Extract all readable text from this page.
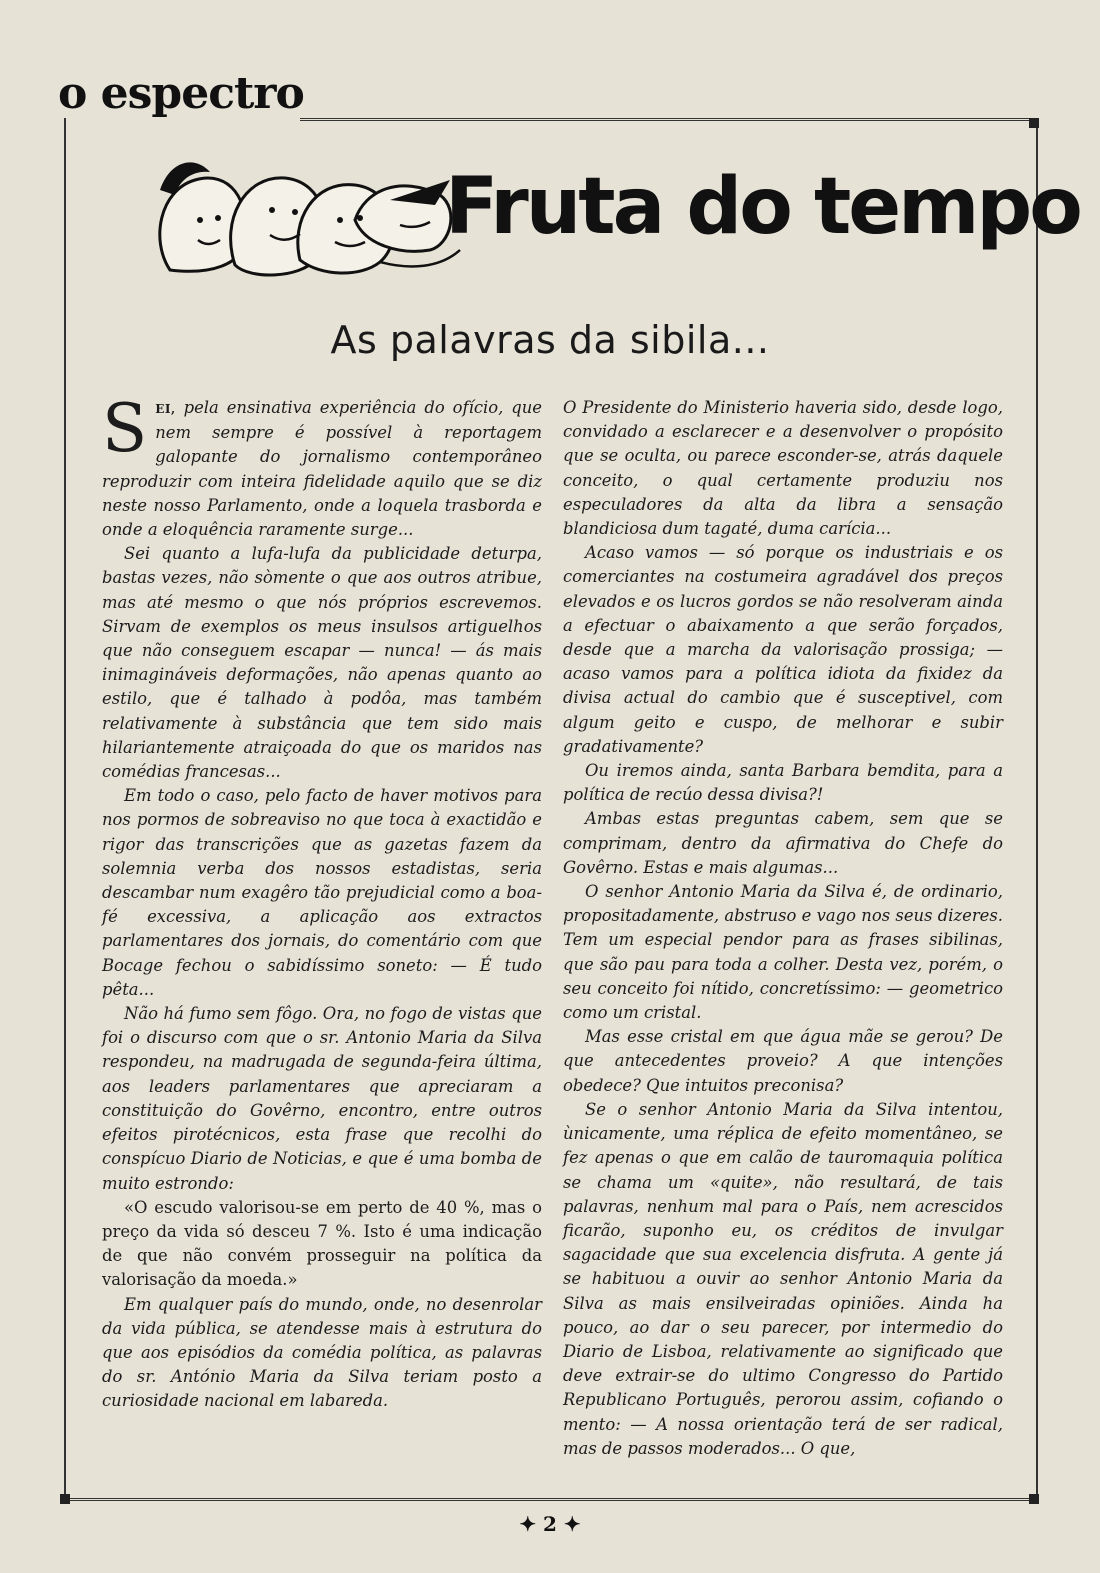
o espectro
Fruta do tempo
As palavras da sibila...

SEI, pela ensinativa experiência do ofício, que nem sempre é possível à reportagem galopante do jornalismo contemporâneo reproduzir com inteira fidelidade aquilo que se diz neste nosso Parlamento, onde a loquela trasborda e onde a eloquência raramente surge...

Sei quanto a lufa-lufa da publicidade deturpa, bastas vezes, não sòmente o que aos outros atribue, mas até mesmo o que nós próprios escrevemos. Sirvam de exemplos os meus insulsos artiguelhos que não conseguem escapar — nunca! — ás mais inimagináveis deformações, não apenas quanto ao estilo, que é talhado à podôa, mas também relativamente à substância que tem sido mais hilariantemente atraiçoada do que os maridos nas comédias francesas...

Em todo o caso, pelo facto de haver motivos para nos pormos de sobreaviso no que toca à exactidão e rigor das transcrições que as gazetas fazem da solemnia verba dos nossos estadistas, seria descambar num exagêro tão prejudicial como a boa-fé excessiva, a aplicação aos extractos parlamentares dos jornais, do comentário com que Bocage fechou o sabidíssimo soneto: — É tudo pêta...

Não há fumo sem fôgo. Ora, no fogo de vistas que foi o discurso com que o sr. Antonio Maria da Silva respondeu, na madrugada de segunda-feira última, aos leaders parlamentares que apreciaram a constituição do Govêrno, encontro, entre outros efeitos pirotécnicos, esta frase que recolhi do conspícuo Diario de Noticias, e que é uma bomba de muito estrondo:

«O escudo valorisou-se em perto de 40 %, mas o preço da vida só desceu 7 %. Isto é uma indicação de que não convém prosseguir na política da valorisação da moeda.»

Em qualquer país do mundo, onde, no desenrolar da vida pública, se atendesse mais à estrutura do que aos episódios da comédia política, as palavras do sr. António Maria da Silva teriam posto a curiosidade nacional em labareda.

O Presidente do Ministerio haveria sido, desde logo, convidado a esclarecer e a desenvolver o propósito que se oculta, ou parece esconder-se, atrás daquele conceito, o qual certamente produziu nos especuladores da alta da libra a sensação blandiciosa dum tagaté, duma carícia...

Acaso vamos — só porque os industriais e os comerciantes na costumeira agradável dos preços elevados e os lucros gordos se não resolveram ainda a efectuar o abaixamento a que serão forçados, desde que a marcha da valorisação prossiga; — acaso vamos para a política idiota da fixidez da divisa actual do cambio que é susceptivel, com algum geito e cuspo, de melhorar e subir gradativamente?

Ou iremos ainda, santa Barbara bemdita, para a política de recúo dessa divisa?!

Ambas estas preguntas cabem, sem que se comprimam, dentro da afirmativa do Chefe do Govêrno. Estas e mais algumas...

O senhor Antonio Maria da Silva é, de ordinario, propositadamente, abstruso e vago nos seus dizeres. Tem um especial pendor para as frases sibilinas, que são pau para toda a colher. Desta vez, porém, o seu conceito foi nítido, concretíssimo: — geometrico como um cristal.

Mas esse cristal em que água mãe se gerou? De que antecedentes proveio? A que intenções obedece? Que intuitos preconisa?

Se o senhor Antonio Maria da Silva intentou, ùnicamente, uma réplica de efeito momentâneo, se fez apenas o que em calão de tauromaquia política se chama um «quite», não resultará, de tais palavras, nenhum mal para o País, nem acrescidos ficarão, suponho eu, os créditos de invulgar sagacidade que sua excelencia disfruta. A gente já se habituou a ouvir ao senhor Antonio Maria da Silva as mais ensilveiradas opiniões. Ainda ha pouco, ao dar o seu parecer, por intermedio do Diario de Lisboa, relativamente ao significado que deve extrair-se do ultimo Congresso do Partido Republicano Português, perorou assim, cofiando o mento: — A nossa orientação terá de ser radical, mas de passos moderados... O que,

✦ 2 ✦
